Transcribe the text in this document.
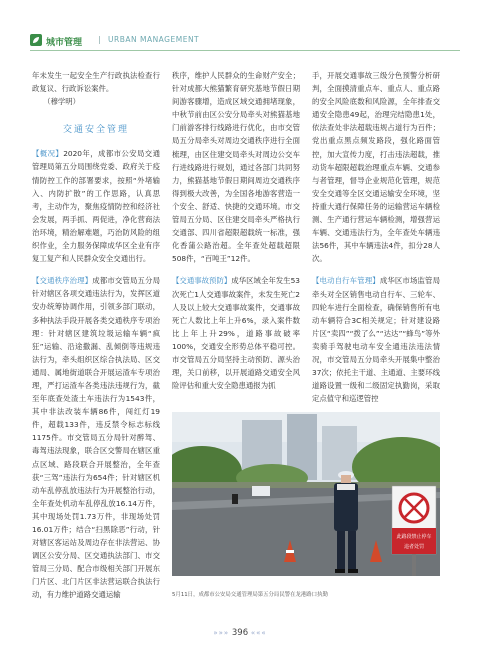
城市管理 | URBAN MANAGEMENT

年未发生一起安全生产行政执法检查行政复议、行政诉讼案件。

（穆学明）

交通安全管理

【概况】2020年，成都市公安局交通管理局第五分局围绕党委、政府关于疫情防控工作的部署要求，按照“外堵输入、内防扩散”的工作思路，认真思考，主动作为，聚焦疫情防控和经济社会发展，两手抓、两促进，净化营商法治环境，精治解难题，巧治防风险的组织作业，全力服务保障成华区全业有序复工复产和人民群众安全交通出行。

【交通秩序治理】成都市交管局五分局针对辖区各项交通违法行为，发挥区道安办统筹协调作用，引领多部门联动，多种执法手段开展各类交通秩序专项治理：针对辖区建筑垃圾运输车辆“疯狂”运输、沿途撒漏、乱倾倒等违规违法行为，牵头组织区综合执法局、区交通局、属地街道联合开展运渣车专项治理，严打运渣车各类违法违规行为，截至年底查处渣土车违法行为1543件，其中非法改装车辆86件，闯红灯19件，超载133件，违反禁令标志标线1175件。市交管局五分局针对醉驾、毒驾违法现象，联合区交警局在辖区重点区域、路段联合开展整治，全年查获“三驾”违法行为654件；针对辖区机动车乱停乱放违法行为开展整治行动，全年查处机动车乱停乱放16.14万件，其中现场处罚1.73万件，非现场处罚16.01万件；结合“扫黑除恶”行动，针对辖区客运站及周边存在非法营运、协调区公安分局、区交通执法部门、市交管局三分局、配合市级相关部门开展东门片区、北门片区非法营运联合执法行动，有力维护道路交通运输

秩序，维护人民群众的生命财产安全；针对成都大熊猫繁育研究基地节假日期间游客骤增，造成区域交通拥堵现象，中秋节前由区公安分局牵头对熊猫基地门前游客排行线路进行优化，由市交管局五分局牵头对周边交通秩序进行全面梳理，由区住建交局牵头对周边公交车行进线路进行规划，通过各部门共同努力，熊猫基地节假日期间周边交通秩序得到极大改善，为全国各地游客营造一个安全、舒适、快捷的交通环境。市交管局五分局、区住建交局牵头严格执行交通部、四川省超限超载统一标准，强化香蒲公路治超。全年查处超载超限508件，“百吨王”12件。

【交通事故预防】成华区域全年发生53次死亡1人交通事故案件，未发生死亡2人及以上较大交通事故案件，交通事故死亡人数比上年上升6%，录入案件数比上年上升29%，道路事故破率100%，交通安全形势总体平稳可控。市交管局五分局坚持主动预防、源头治理，关口前移，以开展道路交通安全风险评估和重大安全隐患通报为抓

手，开展交通事故三级分色预警分析研判，全面摸清重点车、重点人、重点路的安全风险底数和风险源，全年排查交通安全隐患49起，治理完结隐患1处，依法查处非法超载违规占道行为百件；党出重点黑点频发路段，强化路面管控，加大宣传力度，打击违法超载，推动货车超限超载治理重点车辆、交通参与者管理，督导企业规范化管理，规范安全交通等全区交通运输安全环境，坚持重大通行保障任务的运输营运车辆检测、生产通行营运车辆检测，增强营运车辆、交通违法行为，全年查处车辆违法56件，其中车辆违法4件，扣分28人次。

【电动自行车管理】成华区市场监管局牵头对全区销售电动自行车、三轮车、四轮车进行全面检查，确保销售所有电动车辆符合3C相关规定；针对建设路片区“卖四”“拨了么”“达达”“蜂鸟”等外卖骑手驾驶电动车安全通违法违法情况，市交管局五分局牵头开展集中整治37次；依托主干道、主通道、主要环线道路设置一级和二级固定执勤岗，采取定点值守和巡逻管控

此路段禁止停车
违者处罚
5月11日，成都市公安局交通管理局第五分局民警在龙港路口执勤
»»» 396 «««
